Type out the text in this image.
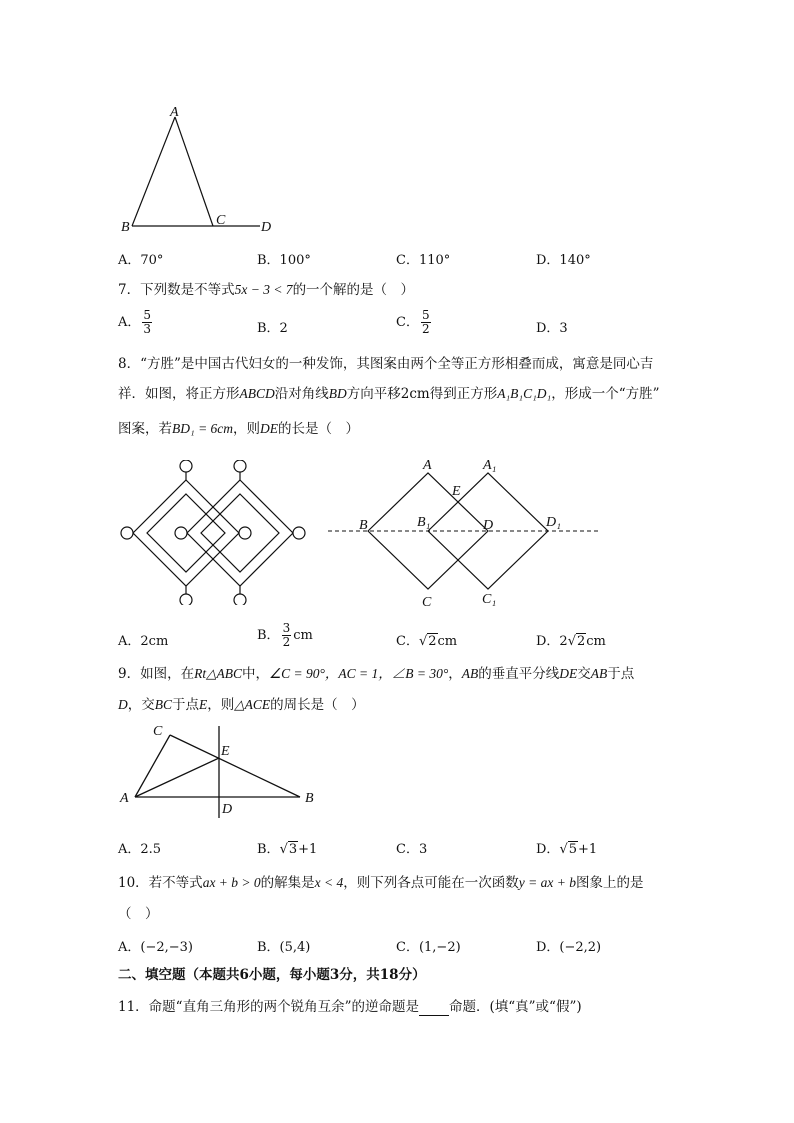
A
B	C	D
A．70°	B．100°	C．110°	D．140°
7．下列数是不等式5x − 3 < 7的一个解的是（　）
A． $\frac{5}{3}$	B．2	C． $\frac{5}{2}$	D．3
8．“方胜”是中国古代妇女的一种发饰，其图案由两个全等正方形相叠而成，寓意是同心吉
祥．如图，将正方形ABCD沿对角线BD方向平移2cm得到正方形A₁B₁C₁D₁，形成一个“方胜”
图案，若BD₁ = 6cm，则DE的长是（　）
A	A₁
E
B	B₁	D	D₁
C	C₁
A．2cm	B． $\frac{3}{2}$ cm	C．√2cm	D．2√2cm
9．如图，在Rt△ABC中，∠C = 90°，AC = 1，∠B = 30°，AB的垂直平分线DE交AB于点
D，交BC于点E，则△ACE的周长是（　）
C
E
A
D
B
A．2.5	B．√3+1	C．3	D．√5+1
10．若不等式ax + b > 0的解集是x < 4，则下列各点可能在一次函数y = ax + b图象上的是
（　）
A．(−2,−3)	B．(5,4)	C．(1,−2)	D．(−2,2)
二、填空题（本题共6小题，每小题3分，共18分）
11．命题“直角三角形的两个锐角互余”的逆命题是 命题．(填“真”或“假”)
